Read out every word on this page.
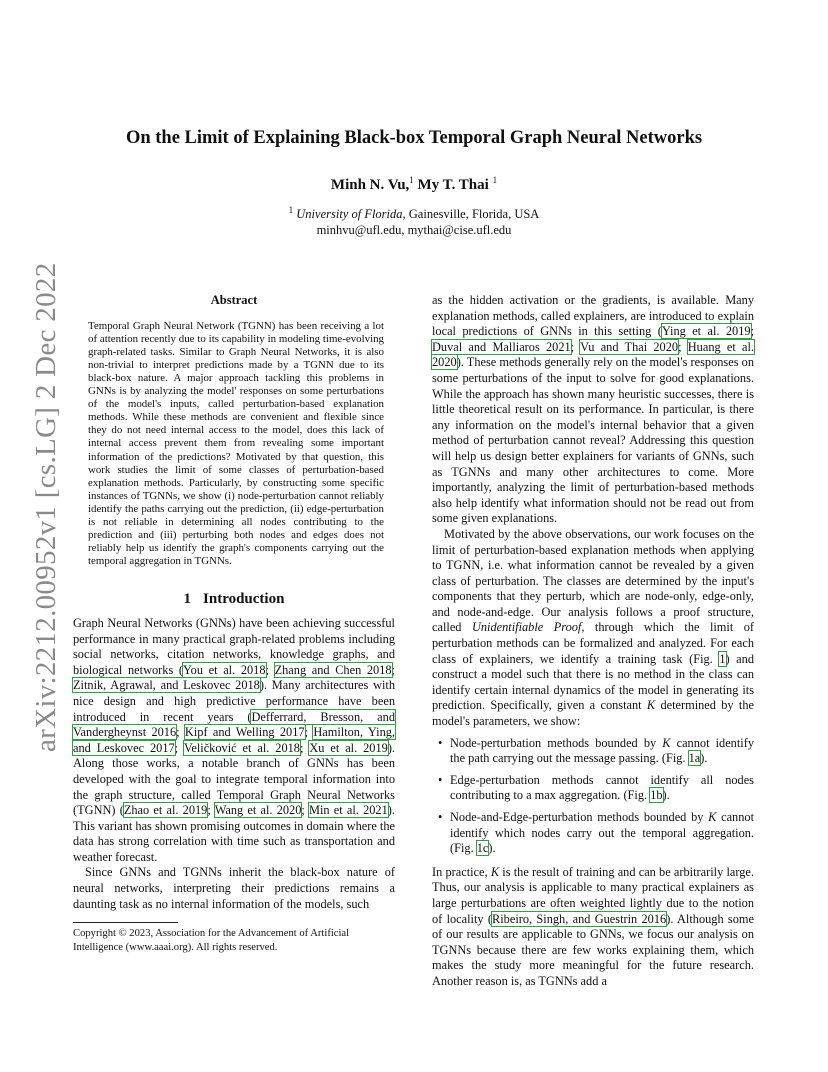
arXiv:2212.00952v1 [cs.LG] 2 Dec 2022
On the Limit of Explaining Black-box Temporal Graph Neural Networks
Minh N. Vu,$^1$ My T. Thai $^1$
$^1$ University of Florida, Gainesville, Florida, USA
minhvu@ufl.edu, mythai@cise.ufl.edu
Abstract

Temporal Graph Neural Network (TGNN) has been receiving a lot of attention recently due to its capability in modeling time-evolving graph-related tasks. Similar to Graph Neural Networks, it is also non-trivial to interpret predictions made by a TGNN due to its black-box nature. A major approach tackling this problems in GNNs is by analyzing the model' responses on some perturbations of the model's inputs, called perturbation-based explanation methods. While these methods are convenient and flexible since they do not need internal access to the model, does this lack of internal access prevent them from revealing some important information of the predictions? Motivated by that question, this work studies the limit of some classes of perturbation-based explanation methods. Particularly, by constructing some specific instances of TGNNs, we show (i) node-perturbation cannot reliably identify the paths carrying out the prediction, (ii) edge-perturbation is not reliable in determining all nodes contributing to the prediction and (iii) perturbing both nodes and edges does not reliably help us identify the graph's components carrying out the temporal aggregation in TGNNs.

1 Introduction

Graph Neural Networks (GNNs) have been achieving successful performance in many practical graph-related problems including social networks, citation networks, knowledge graphs, and biological networks (You et al. 2018; Zhang and Chen 2018; Zitnik, Agrawal, and Leskovec 2018). Many architectures with nice design and high predictive performance have been introduced in recent years (Defferrard, Bresson, and Vandergheynst 2016; Kipf and Welling 2017; Hamilton, Ying, and Leskovec 2017; Veličković et al. 2018; Xu et al. 2019). Along those works, a notable branch of GNNs has been developed with the goal to integrate temporal information into the graph structure, called Temporal Graph Neural Networks (TGNN) (Zhao et al. 2019; Wang et al. 2020; Min et al. 2021). This variant has shown promising outcomes in domain where the data has strong correlation with time such as transportation and weather forecast.

Since GNNs and TGNNs inherit the black-box nature of neural networks, interpreting their predictions remains a daunting task as no internal information of the models, such

as the hidden activation or the gradients, is available. Many explanation methods, called explainers, are introduced to explain local predictions of GNNs in this setting (Ying et al. 2019; Duval and Malliaros 2021; Vu and Thai 2020; Huang et al. 2020). These methods generally rely on the model's responses on some perturbations of the input to solve for good explanations. While the approach has shown many heuristic successes, there is little theoretical result on its performance. In particular, is there any information on the model's internal behavior that a given method of perturbation cannot reveal? Addressing this question will help us design better explainers for variants of GNNs, such as TGNNs and many other architectures to come. More importantly, analyzing the limit of perturbation-based methods also help identify what information should not be read out from some given explanations.

Motivated by the above observations, our work focuses on the limit of perturbation-based explanation methods when applying to TGNN, i.e. what information cannot be revealed by a given class of perturbation. The classes are determined by the input's components that they perturb, which are node-only, edge-only, and node-and-edge. Our analysis follows a proof structure, called Unidentifiable Proof, through which the limit of perturbation methods can be formalized and analyzed. For each class of explainers, we identify a training task (Fig. 1) and construct a model such that there is no method in the class can identify certain internal dynamics of the model in generating its prediction. Specifically, given a constant K determined by the model's parameters, we show:

• Node-perturbation methods bounded by K cannot identify the path carrying out the message passing. (Fig. 1a).
• Edge-perturbation methods cannot identify all nodes contributing to a max aggregation. (Fig. 1b).
• Node-and-Edge-perturbation methods bounded by K cannot identify which nodes carry out the temporal aggregation. (Fig. 1c).

In practice, K is the result of training and can be arbitrarily large. Thus, our analysis is applicable to many practical explainers as large perturbations are often weighted lightly due to the notion of locality (Ribeiro, Singh, and Guestrin 2016). Although some of our results are applicable to GNNs, we focus our analysis on TGNNs because there are few works explaining them, which makes the study more meaningful for the future research. Another reason is, as TGNNs add a

Copyright © 2023, Association for the Advancement of Artificial Intelligence (www.aaai.org). All rights reserved.
